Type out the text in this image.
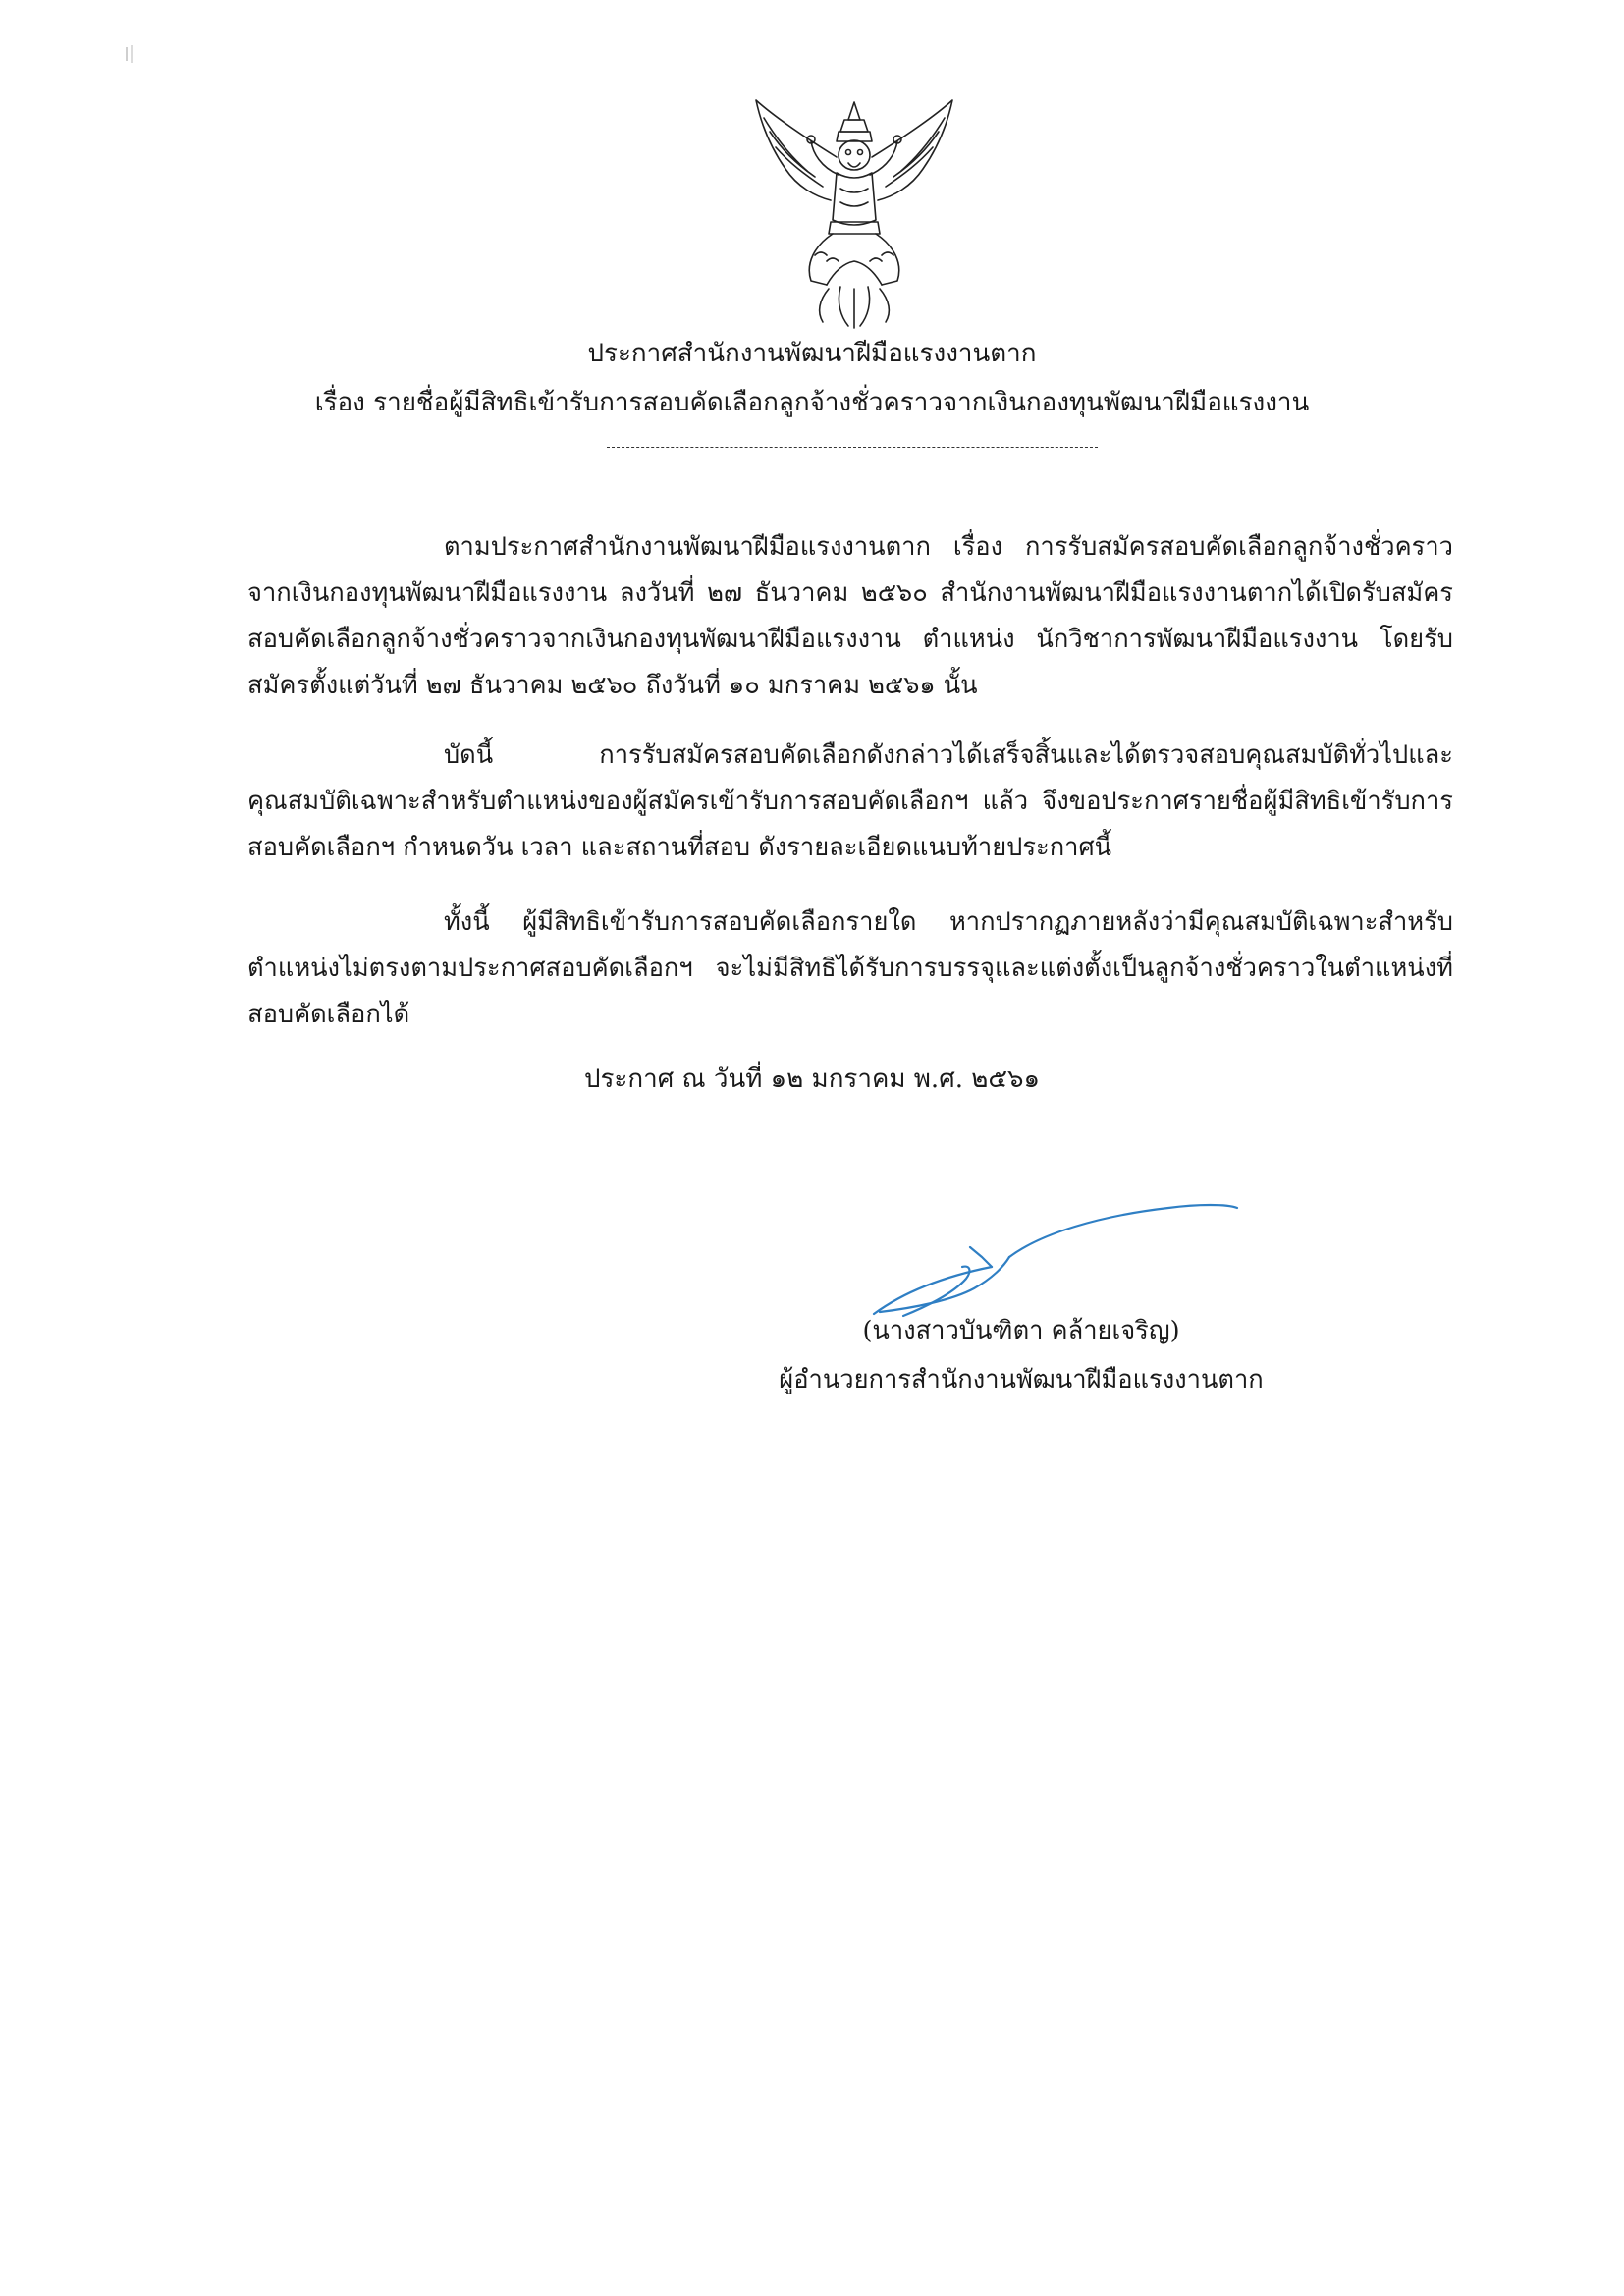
ประกาศสำนักงานพัฒนาฝีมือแรงงานตาก
เรื่อง รายชื่อผู้มีสิทธิเข้ารับการสอบคัดเลือกลูกจ้างชั่วคราวจากเงินกองทุนพัฒนาฝีมือแรงงาน

ตามประกาศสำนักงานพัฒนาฝีมือแรงงานตาก เรื่อง การรับสมัครสอบคัดเลือกลูกจ้างชั่วคราวจากเงินกองทุนพัฒนาฝีมือแรงงาน ลงวันที่ ๒๗ ธันวาคม ๒๕๖๐ สำนักงานพัฒนาฝีมือแรงงานตากได้เปิดรับสมัครสอบคัดเลือกลูกจ้างชั่วคราวจากเงินกองทุนพัฒนาฝีมือแรงงาน ตำแหน่ง นักวิชาการพัฒนาฝีมือแรงงาน โดยรับสมัครตั้งแต่วันที่ ๒๗ ธันวาคม ๒๕๖๐ ถึงวันที่ ๑๐ มกราคม ๒๕๖๑ นั้น

บัดนี้ การรับสมัครสอบคัดเลือกดังกล่าวได้เสร็จสิ้นและได้ตรวจสอบคุณสมบัติทั่วไปและคุณสมบัติเฉพาะสำหรับตำแหน่งของผู้สมัครเข้ารับการสอบคัดเลือกฯ แล้ว จึงขอประกาศรายชื่อผู้มีสิทธิเข้ารับการสอบคัดเลือกฯ กำหนดวัน เวลา และสถานที่สอบ ดังรายละเอียดแนบท้ายประกาศนี้

ทั้งนี้ ผู้มีสิทธิเข้ารับการสอบคัดเลือกรายใด หากปรากฏภายหลังว่ามีคุณสมบัติเฉพาะสำหรับตำแหน่งไม่ตรงตามประกาศสอบคัดเลือกฯ จะไม่มีสิทธิได้รับการบรรจุและแต่งตั้งเป็นลูกจ้างชั่วคราวในตำแหน่งที่สอบคัดเลือกได้

ประกาศ ณ วันที่ ๑๒ มกราคม พ.ศ. ๒๕๖๑
(นางสาวบันฑิตา คล้ายเจริญ)
ผู้อำนวยการสำนักงานพัฒนาฝีมือแรงงานตาก
